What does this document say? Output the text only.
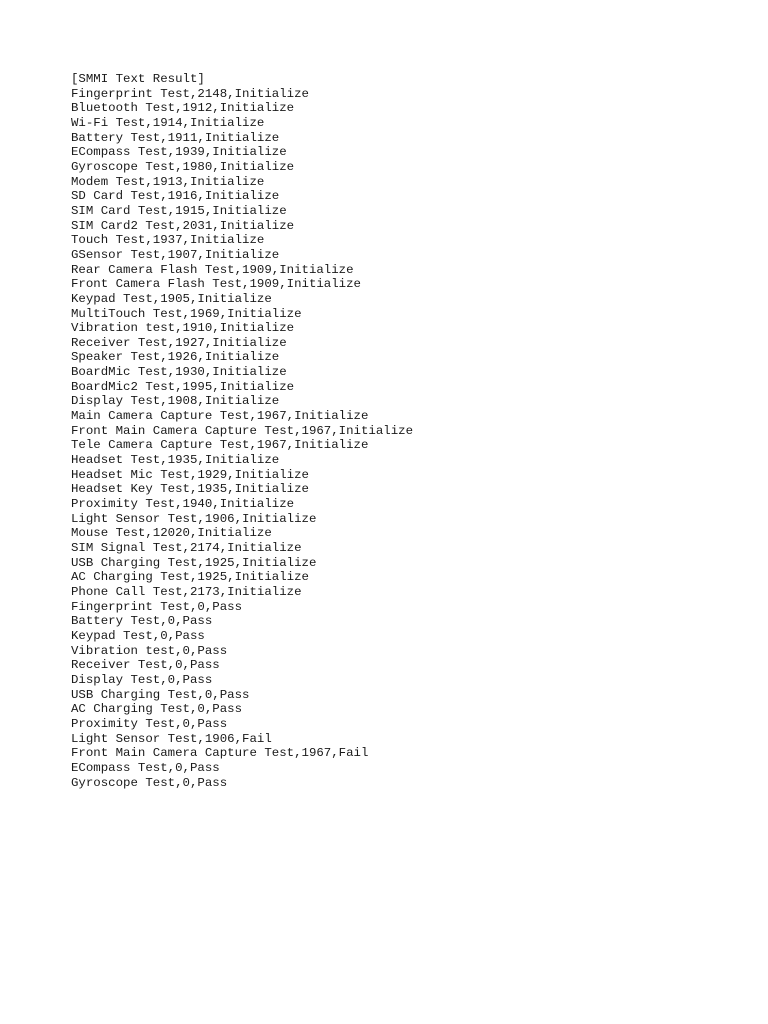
[SMMI Text Result]
Fingerprint Test,2148,Initialize
Bluetooth Test,1912,Initialize
Wi-Fi Test,1914,Initialize
Battery Test,1911,Initialize
ECompass Test,1939,Initialize
Gyroscope Test,1980,Initialize
Modem Test,1913,Initialize
SD Card Test,1916,Initialize
SIM Card Test,1915,Initialize
SIM Card2 Test,2031,Initialize
Touch Test,1937,Initialize
GSensor Test,1907,Initialize
Rear Camera Flash Test,1909,Initialize
Front Camera Flash Test,1909,Initialize
Keypad Test,1905,Initialize
MultiTouch Test,1969,Initialize
Vibration test,1910,Initialize
Receiver Test,1927,Initialize
Speaker Test,1926,Initialize
BoardMic Test,1930,Initialize
BoardMic2 Test,1995,Initialize
Display Test,1908,Initialize
Main Camera Capture Test,1967,Initialize
Front Main Camera Capture Test,1967,Initialize
Tele Camera Capture Test,1967,Initialize
Headset Test,1935,Initialize
Headset Mic Test,1929,Initialize
Headset Key Test,1935,Initialize
Proximity Test,1940,Initialize
Light Sensor Test,1906,Initialize
Mouse Test,12020,Initialize
SIM Signal Test,2174,Initialize
USB Charging Test,1925,Initialize
AC Charging Test,1925,Initialize
Phone Call Test,2173,Initialize
Fingerprint Test,0,Pass
Battery Test,0,Pass
Keypad Test,0,Pass
Vibration test,0,Pass
Receiver Test,0,Pass
Display Test,0,Pass
USB Charging Test,0,Pass
AC Charging Test,0,Pass
Proximity Test,0,Pass
Light Sensor Test,1906,Fail
Front Main Camera Capture Test,1967,Fail
ECompass Test,0,Pass
Gyroscope Test,0,Pass
